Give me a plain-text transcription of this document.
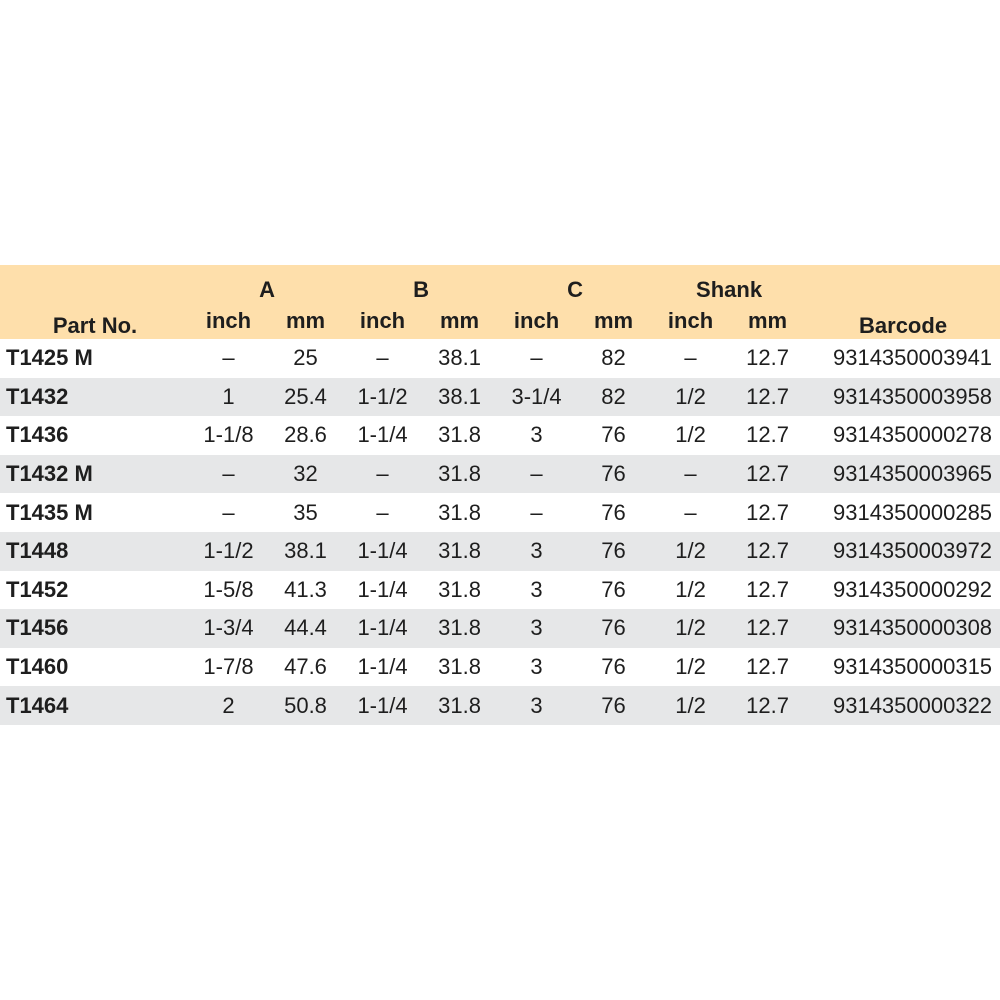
Part No.	A		B		C		Shank		Barcode
	inch	mm	inch	mm	inch	mm	inch	mm	
T1425 M	–	25	–	38.1	–	82	–	12.7	9314350003941
T1432	1	25.4	1-1/2	38.1	3-1/4	82	1/2	12.7	9314350003958
T1436	1-1/8	28.6	1-1/4	31.8	3	76	1/2	12.7	9314350000278
T1432 M	–	32	–	31.8	–	76	–	12.7	9314350003965
T1435 M	–	35	–	31.8	–	76	–	12.7	9314350000285
T1448	1-1/2	38.1	1-1/4	31.8	3	76	1/2	12.7	9314350003972
T1452	1-5/8	41.3	1-1/4	31.8	3	76	1/2	12.7	9314350000292
T1456	1-3/4	44.4	1-1/4	31.8	3	76	1/2	12.7	9314350000308
T1460	1-7/8	47.6	1-1/4	31.8	3	76	1/2	12.7	9314350000315
T1464	2	50.8	1-1/4	31.8	3	76	1/2	12.7	9314350000322
